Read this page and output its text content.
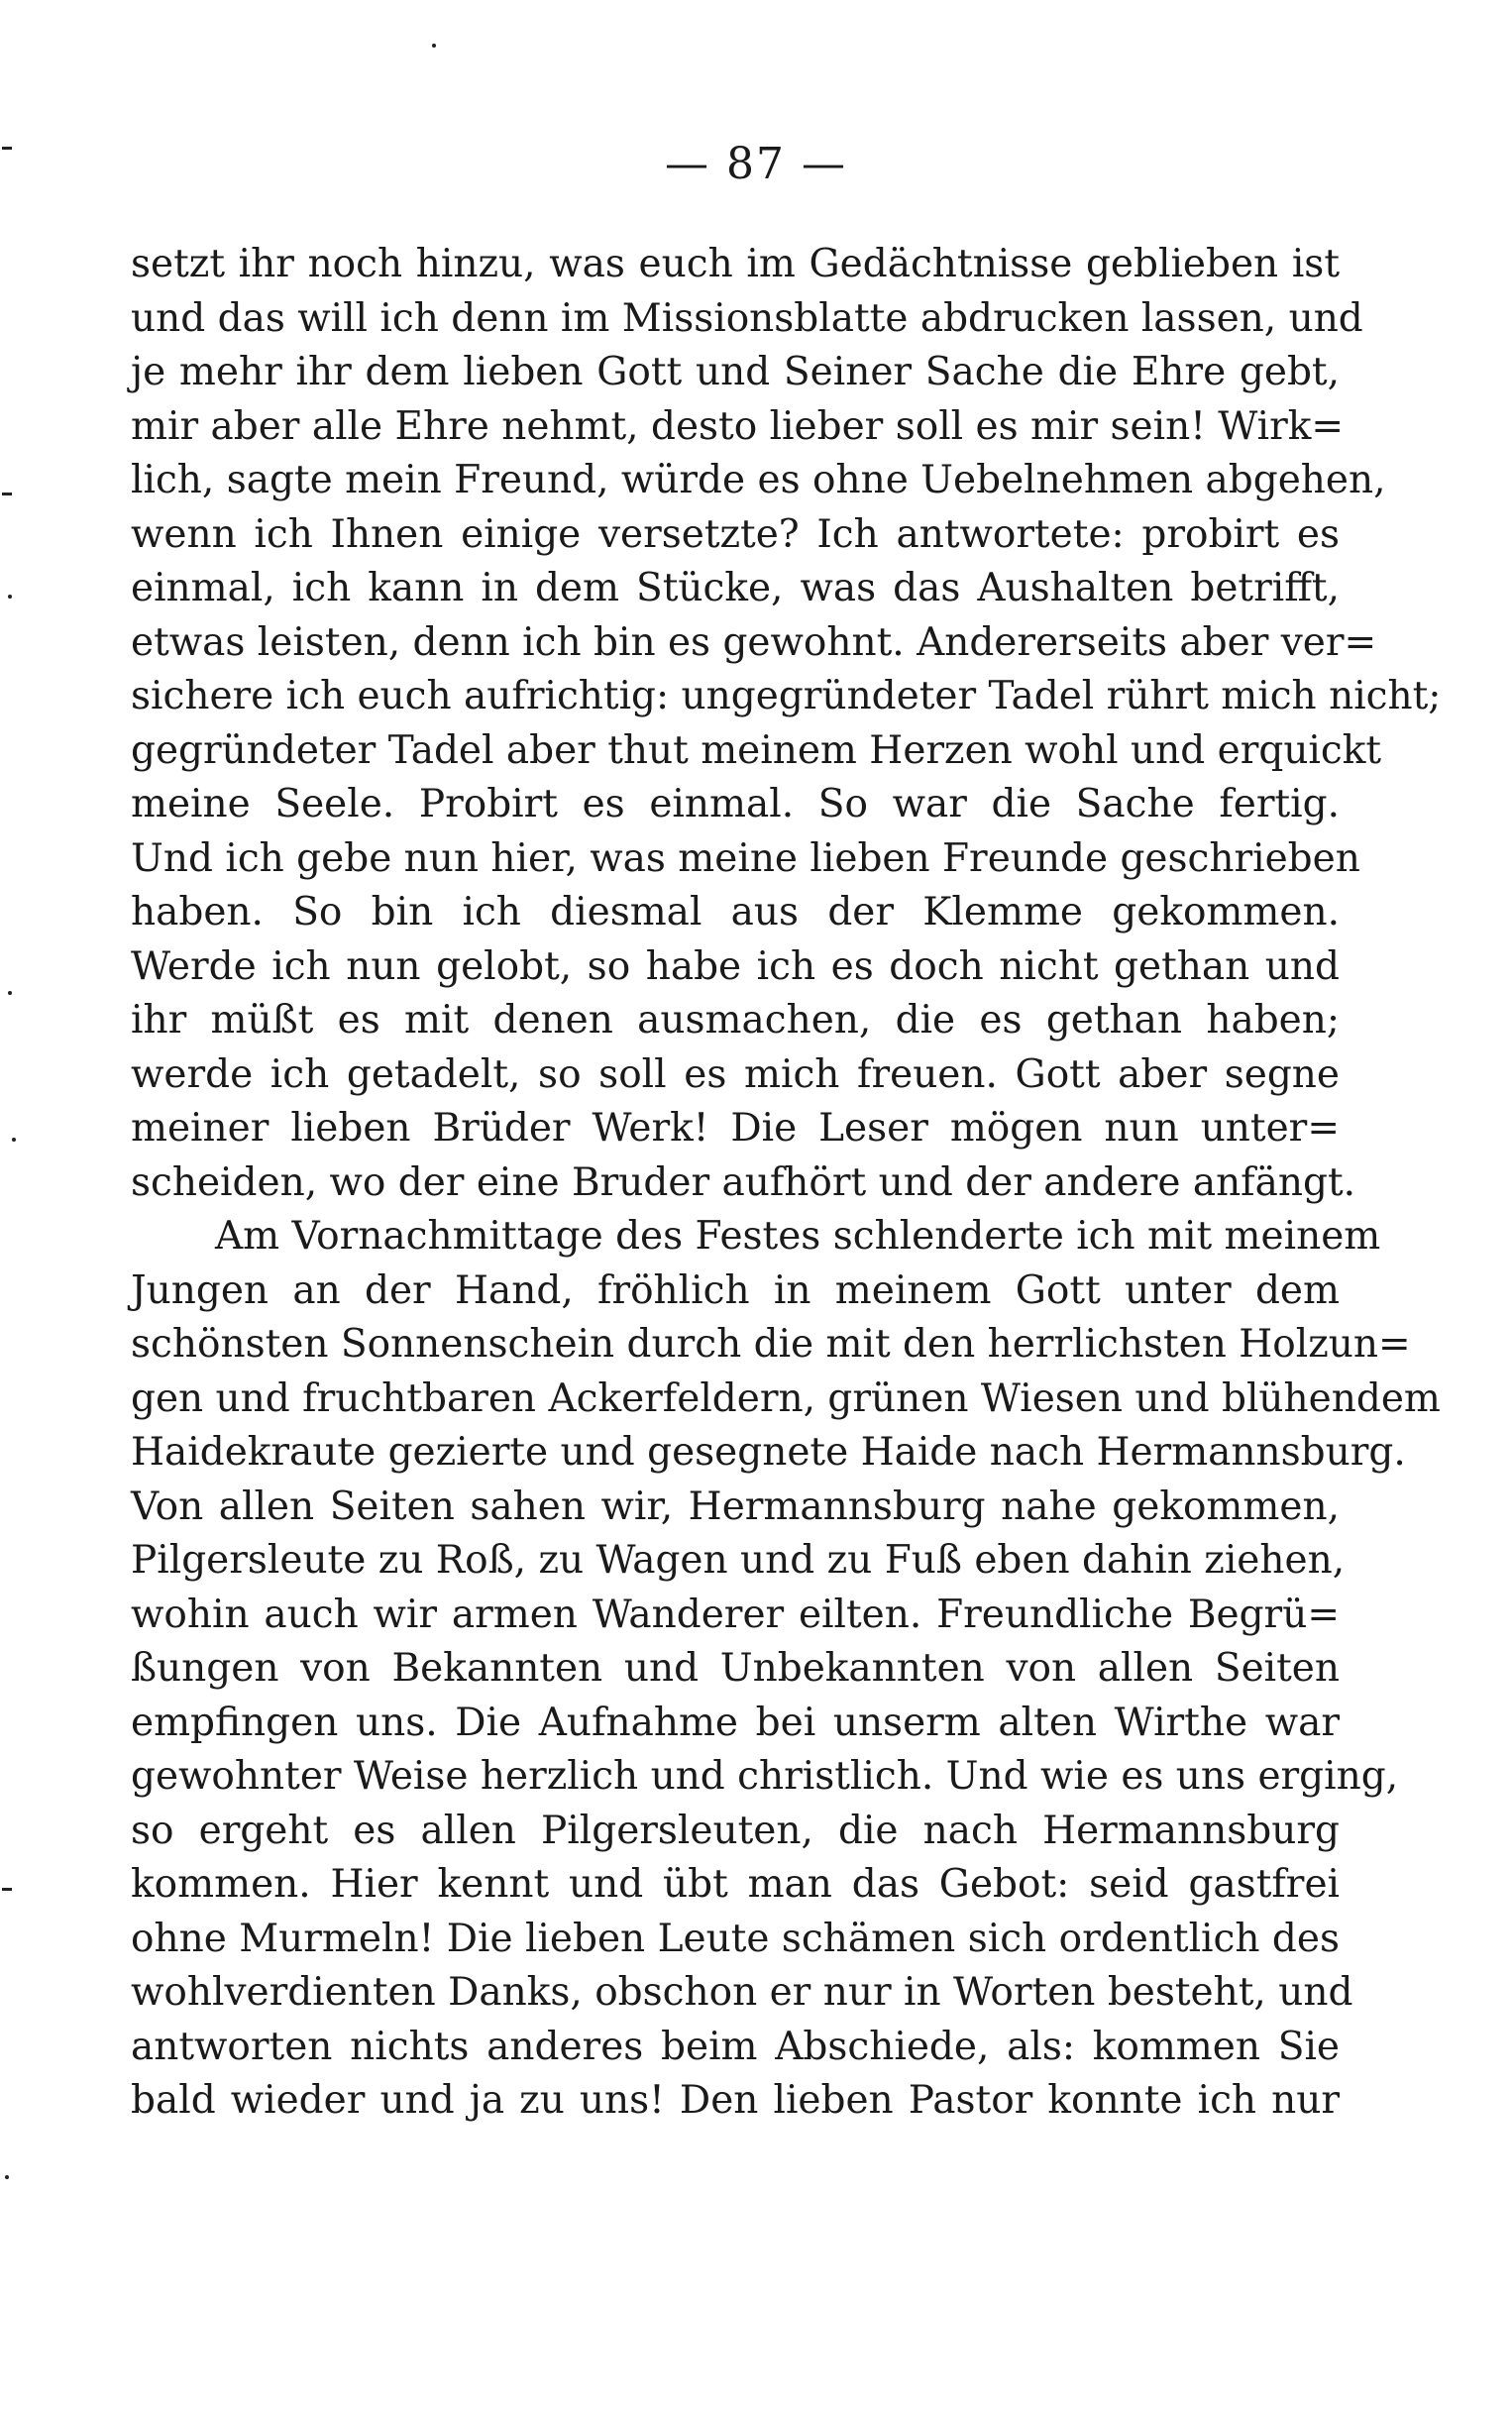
— 87 —
setzt ihr noch hinzu, was euch im Gedächtnisse geblieben ist
und das will ich denn im Missionsblatte abdrucken lassen, und
je mehr ihr dem lieben Gott und Seiner Sache die Ehre gebt,
mir aber alle Ehre nehmt, desto lieber soll es mir sein! Wirk=
lich, sagte mein Freund, würde es ohne Uebelnehmen abgehen,
wenn ich Ihnen einige versetzte? Ich antwortete: probirt es
einmal, ich kann in dem Stücke, was das Aushalten betrifft,
etwas leisten, denn ich bin es gewohnt. Andererseits aber ver=
sichere ich euch aufrichtig: ungegründeter Tadel rührt mich nicht;
gegründeter Tadel aber thut meinem Herzen wohl und erquickt
meine Seele. Probirt es einmal. So war die Sache fertig.
Und ich gebe nun hier, was meine lieben Freunde geschrieben
haben. So bin ich diesmal aus der Klemme gekommen.
Werde ich nun gelobt, so habe ich es doch nicht gethan und
ihr müßt es mit denen ausmachen, die es gethan haben;
werde ich getadelt, so soll es mich freuen. Gott aber segne
meiner lieben Brüder Werk! Die Leser mögen nun unter=
scheiden, wo der eine Bruder aufhört und der andere anfängt.
Am Vornachmittage des Festes schlenderte ich mit meinem
Jungen an der Hand, fröhlich in meinem Gott unter dem
schönsten Sonnenschein durch die mit den herrlichsten Holzun=
gen und fruchtbaren Ackerfeldern, grünen Wiesen und blühendem
Haidekraute gezierte und gesegnete Haide nach Hermannsburg.
Von allen Seiten sahen wir, Hermannsburg nahe gekommen,
Pilgersleute zu Roß, zu Wagen und zu Fuß eben dahin ziehen,
wohin auch wir armen Wanderer eilten. Freundliche Begrü=
ßungen von Bekannten und Unbekannten von allen Seiten
empfingen uns. Die Aufnahme bei unserm alten Wirthe war
gewohnter Weise herzlich und christlich. Und wie es uns erging,
so ergeht es allen Pilgersleuten, die nach Hermannsburg
kommen. Hier kennt und übt man das Gebot: seid gastfrei
ohne Murmeln! Die lieben Leute schämen sich ordentlich des
wohlverdienten Danks, obschon er nur in Worten besteht, und
antworten nichts anderes beim Abschiede, als: kommen Sie
bald wieder und ja zu uns! Den lieben Pastor konnte ich nur
